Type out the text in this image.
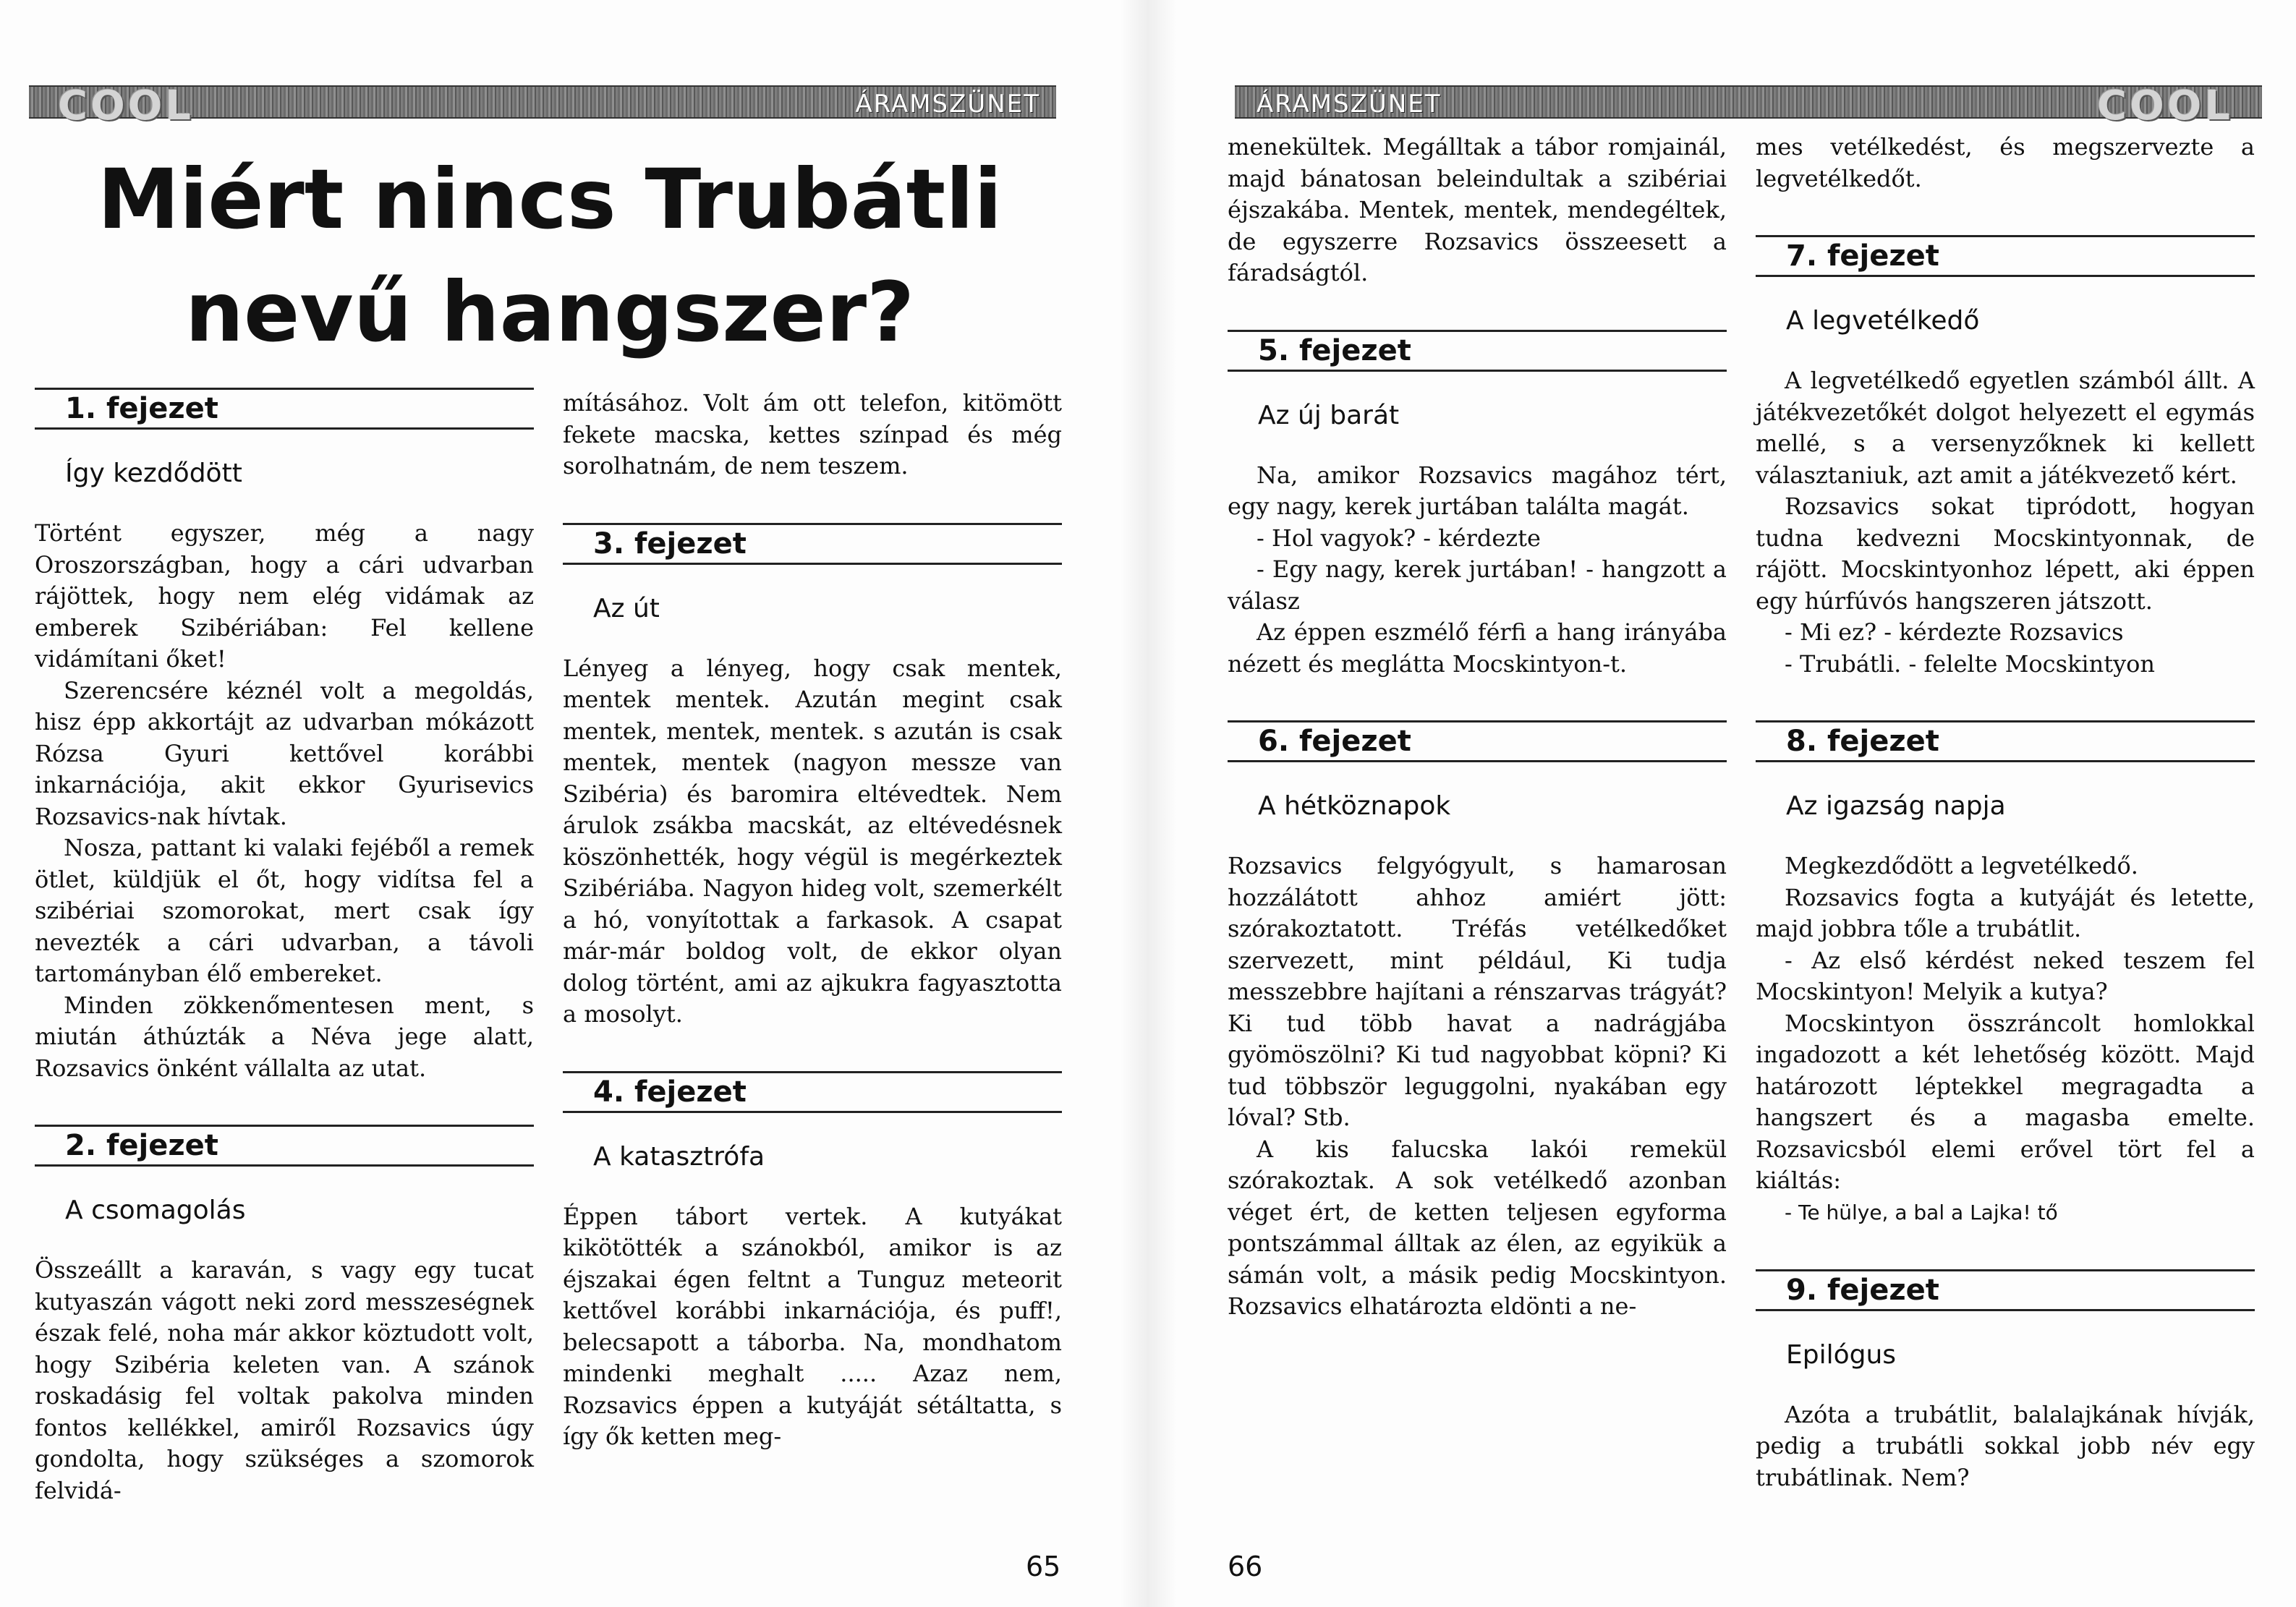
COOL	ÁRAMSZÜNET
Miért nincs Trubátli
nevű hangszer?
1. fejezet
Így kezdődött

Történt egyszer, még a nagy Oroszországban, hogy a cári udvarban rájöttek, hogy nem elég vidámak az emberek Szibériában: Fel kellene vidámítani őket!

Szerencsére kéznél volt a megoldás, hisz épp akkortájt az udvarban mókázott Rózsa Gyuri kettővel korábbi inkarnációja, akit ekkor Gyurisevics Rozsavics-nak hívtak.

Nosza, pattant ki valaki fejéből a remek ötlet, küldjük el őt, hogy vidítsa fel a szibériai szomorokat, mert csak így nevezték a cári udvarban, a távoli tartományban élő embereket.

Minden zökkenőmentesen ment, s miután áthúzták a Néva jege alatt, Rozsavics önként vállalta az utat.

2. fejezet
A csomagolás

Összeállt a karaván, s vagy egy tucat kutyaszán vágott neki zord messzeségnek észak felé, noha már akkor köztudott volt, hogy Szibéria keleten van. A szánok roskadásig fel voltak pakolva minden fontos kellékkel, amiről Rozsavics úgy gondolta, hogy szükséges a szomorok felvidá-

mításához. Volt ám ott telefon, kitömött fekete macska, kettes színpad és még sorolhatnám, de nem teszem.

3. fejezet
Az út

Lényeg a lényeg, hogy csak mentek, mentek mentek. Azután megint csak mentek, mentek, mentek. s azután is csak mentek, mentek (nagyon messze van Szibéria) és baromira eltévedtek. Nem árulok zsákba macskát, az eltévedésnek köszönhették, hogy végül is megérkeztek Szibériába. Nagyon hideg volt, szemerkélt a hó, vonyítottak a farkasok. A csapat már-már boldog volt, de ekkor olyan dolog történt, ami az ajkukra fagyasztotta a mosolyt.

4. fejezet
A katasztrófa

Éppen tábort vertek. A kutyákat kikötötték a szánokból, amikor is az éjszakai égen feltnt a Tunguz meteorit kettővel korábbi inkarnációja, és puff!, belecsapott a táborba. Na, mondhatom mindenki meghalt ..... Azaz nem, Rozsavics éppen a kutyáját sétáltatta, s így ők ketten meg-

65
ÁRAMSZÜNET	COOL

menekültek. Megálltak a tábor romjainál, majd bánatosan beleindultak a szibériai éjszakába. Mentek, mentek, mendegéltek, de egyszerre Rozsavics összeesett a fáradságtól.

5. fejezet
Az új barát

Na, amikor Rozsavics magához tért, egy nagy, kerek jurtában találta magát.

- Hol vagyok? - kérdezte

- Egy nagy, kerek jurtában! - hangzott a válasz

Az éppen eszmélő férfi a hang irányába nézett és meglátta Mocskintyon-t.

6. fejezet
A hétköznapok

Rozsavics felgyógyult, s hamarosan hozzálátott ahhoz amiért jött: szórakoztatott. Tréfás vetélkedőket szervezett, mint például, Ki tudja messzebbre hajítani a rénszarvas trágyát? Ki tud több havat a nadrágjába gyömöszölni? Ki tud nagyobbat köpni? Ki tud többször leguggolni, nyakában egy lóval? Stb.

A kis falucska lakói remekül szórakoztak. A sok vetélkedő azonban véget ért, de ketten teljesen egyforma pontszámmal álltak az élen, az egyikük a sámán volt, a másik pedig Mocskintyon. Rozsavics elhatározta eldönti a ne-

mes vetélkedést, és megszervezte a legvetélkedőt.

7. fejezet
A legvetélkedő

A legvetélkedő egyetlen számból állt. A játékvezetőkét dolgot helyezett el egymás mellé, s a versenyzőknek ki kellett választaniuk, azt amit a játékvezető kért.

Rozsavics sokat tipródott, hogyan tudna kedvezni Mocskintyonnak, de rájött. Mocskintyonhoz lépett, aki éppen egy húrfúvós hangszeren játszott.

- Mi ez? - kérdezte Rozsavics

- Trubátli. - felelte Mocskintyon

8. fejezet
Az igazság napja

Megkezdődött a legvetélkedő.

Rozsavics fogta a kutyáját és letette, majd jobbra tőle a trubátlit.

- Az első kérdést neked teszem fel Mocskintyon! Melyik a kutya?

Mocskintyon összráncolt homlokkal ingadozott a két lehetőség között. Majd határozott léptekkel megragadta a hangszert és a magasba emelte. Rozsavicsból elemi erővel tört fel a kiáltás:

- Te hülye, a bal a Lajka! tő

9. fejezet
Epilógus

Azóta a trubátlit, balalajkának hívják, pedig a trubátli sokkal jobb név egy trubátlinak. Nem?

66
